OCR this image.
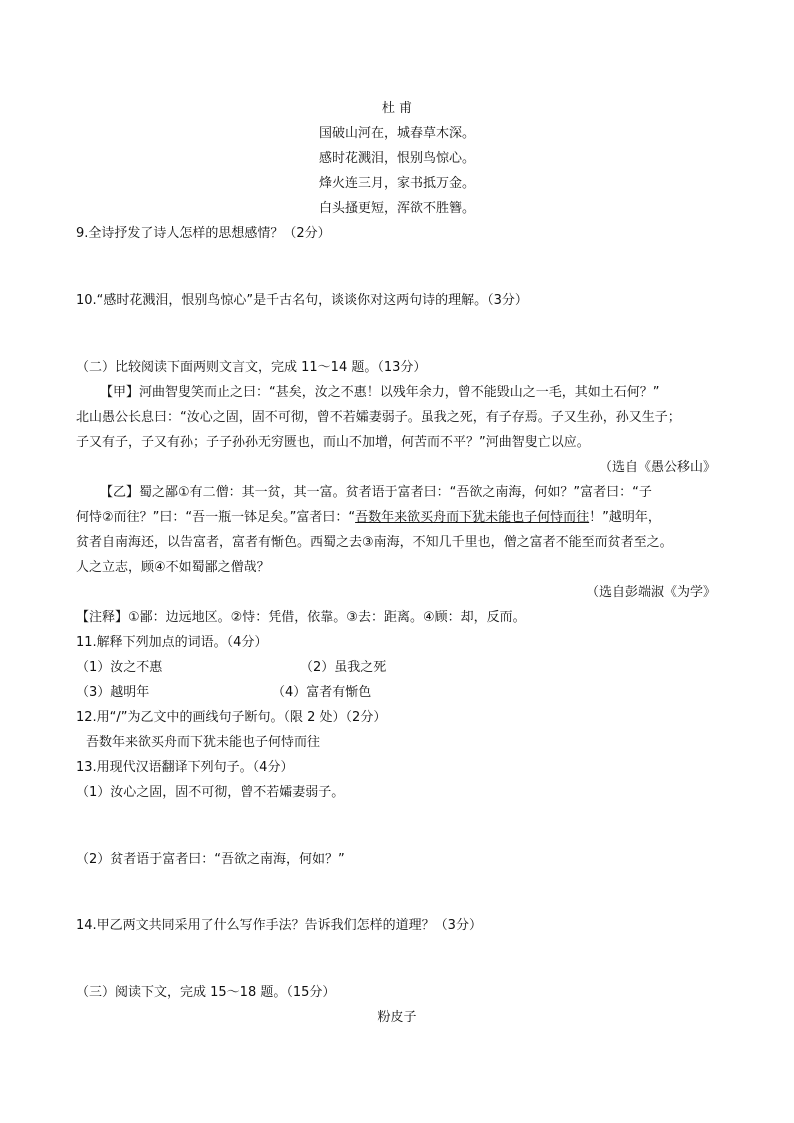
杜 甫
国破山河在，城春草木深。
感时花溅泪，恨别鸟惊心。
烽火连三月，家书抵万金。
白头搔更短，浑欲不胜簪。
9.全诗抒发了诗人怎样的思想感情？（2分）
10.“感时花溅泪，恨别鸟惊心”是千古名句，谈谈你对这两句诗的理解。（3分）
（二）比较阅读下面两则文言文，完成 11～14 题。（13分）
【甲】河曲智叟笑而止之曰：“甚矣，汝之不惠！以残年余力，曾不能毁山之一毛，其如土石何？”
北山愚公长息曰：“汝心之固，固不可彻，曾不若孀妻弱子。虽我之死，有子存焉。子又生孙，孙又生子；
子又有子，子又有孙；子子孙孙无穷匮也，而山不加增，何苦而不平？”河曲智叟亡以应。
（选自《愚公移山》
【乙】蜀之鄙①有二僧：其一贫，其一富。贫者语于富者曰：“吾欲之南海，何如？”富者曰：“子
何恃②而往？”曰：“吾一瓶一钵足矣。”富者曰：“吾数年来欲买舟而下犹未能也子何恃而往！”越明年，
贫者自南海还，以告富者，富者有惭色。西蜀之去③南海，不知几千里也，僧之富者不能至而贫者至之。
人之立志，顾④不如蜀鄙之僧哉？
（选自彭端淑《为学》
【注释】①鄙：边远地区。②恃：凭借，依靠。③去：距离。④顾：却，反而。
11.解释下列加点的词语。（4分）
（1）汝之不惠	（2）虽我之死
（3）越明年	（4）富者有惭色
12.用“/”为乙文中的画线句子断句。（限 2 处）（2分）
吾数年来欲买舟而下犹未能也子何恃而往
13.用现代汉语翻译下列句子。（4分）
（1）汝心之固，固不可彻，曾不若孀妻弱子。
（2）贫者语于富者曰：“吾欲之南海，何如？”
14.甲乙两文共同采用了什么写作手法？告诉我们怎样的道理？（3分）
（三）阅读下文，完成 15～18 题。（15分）
粉皮子
